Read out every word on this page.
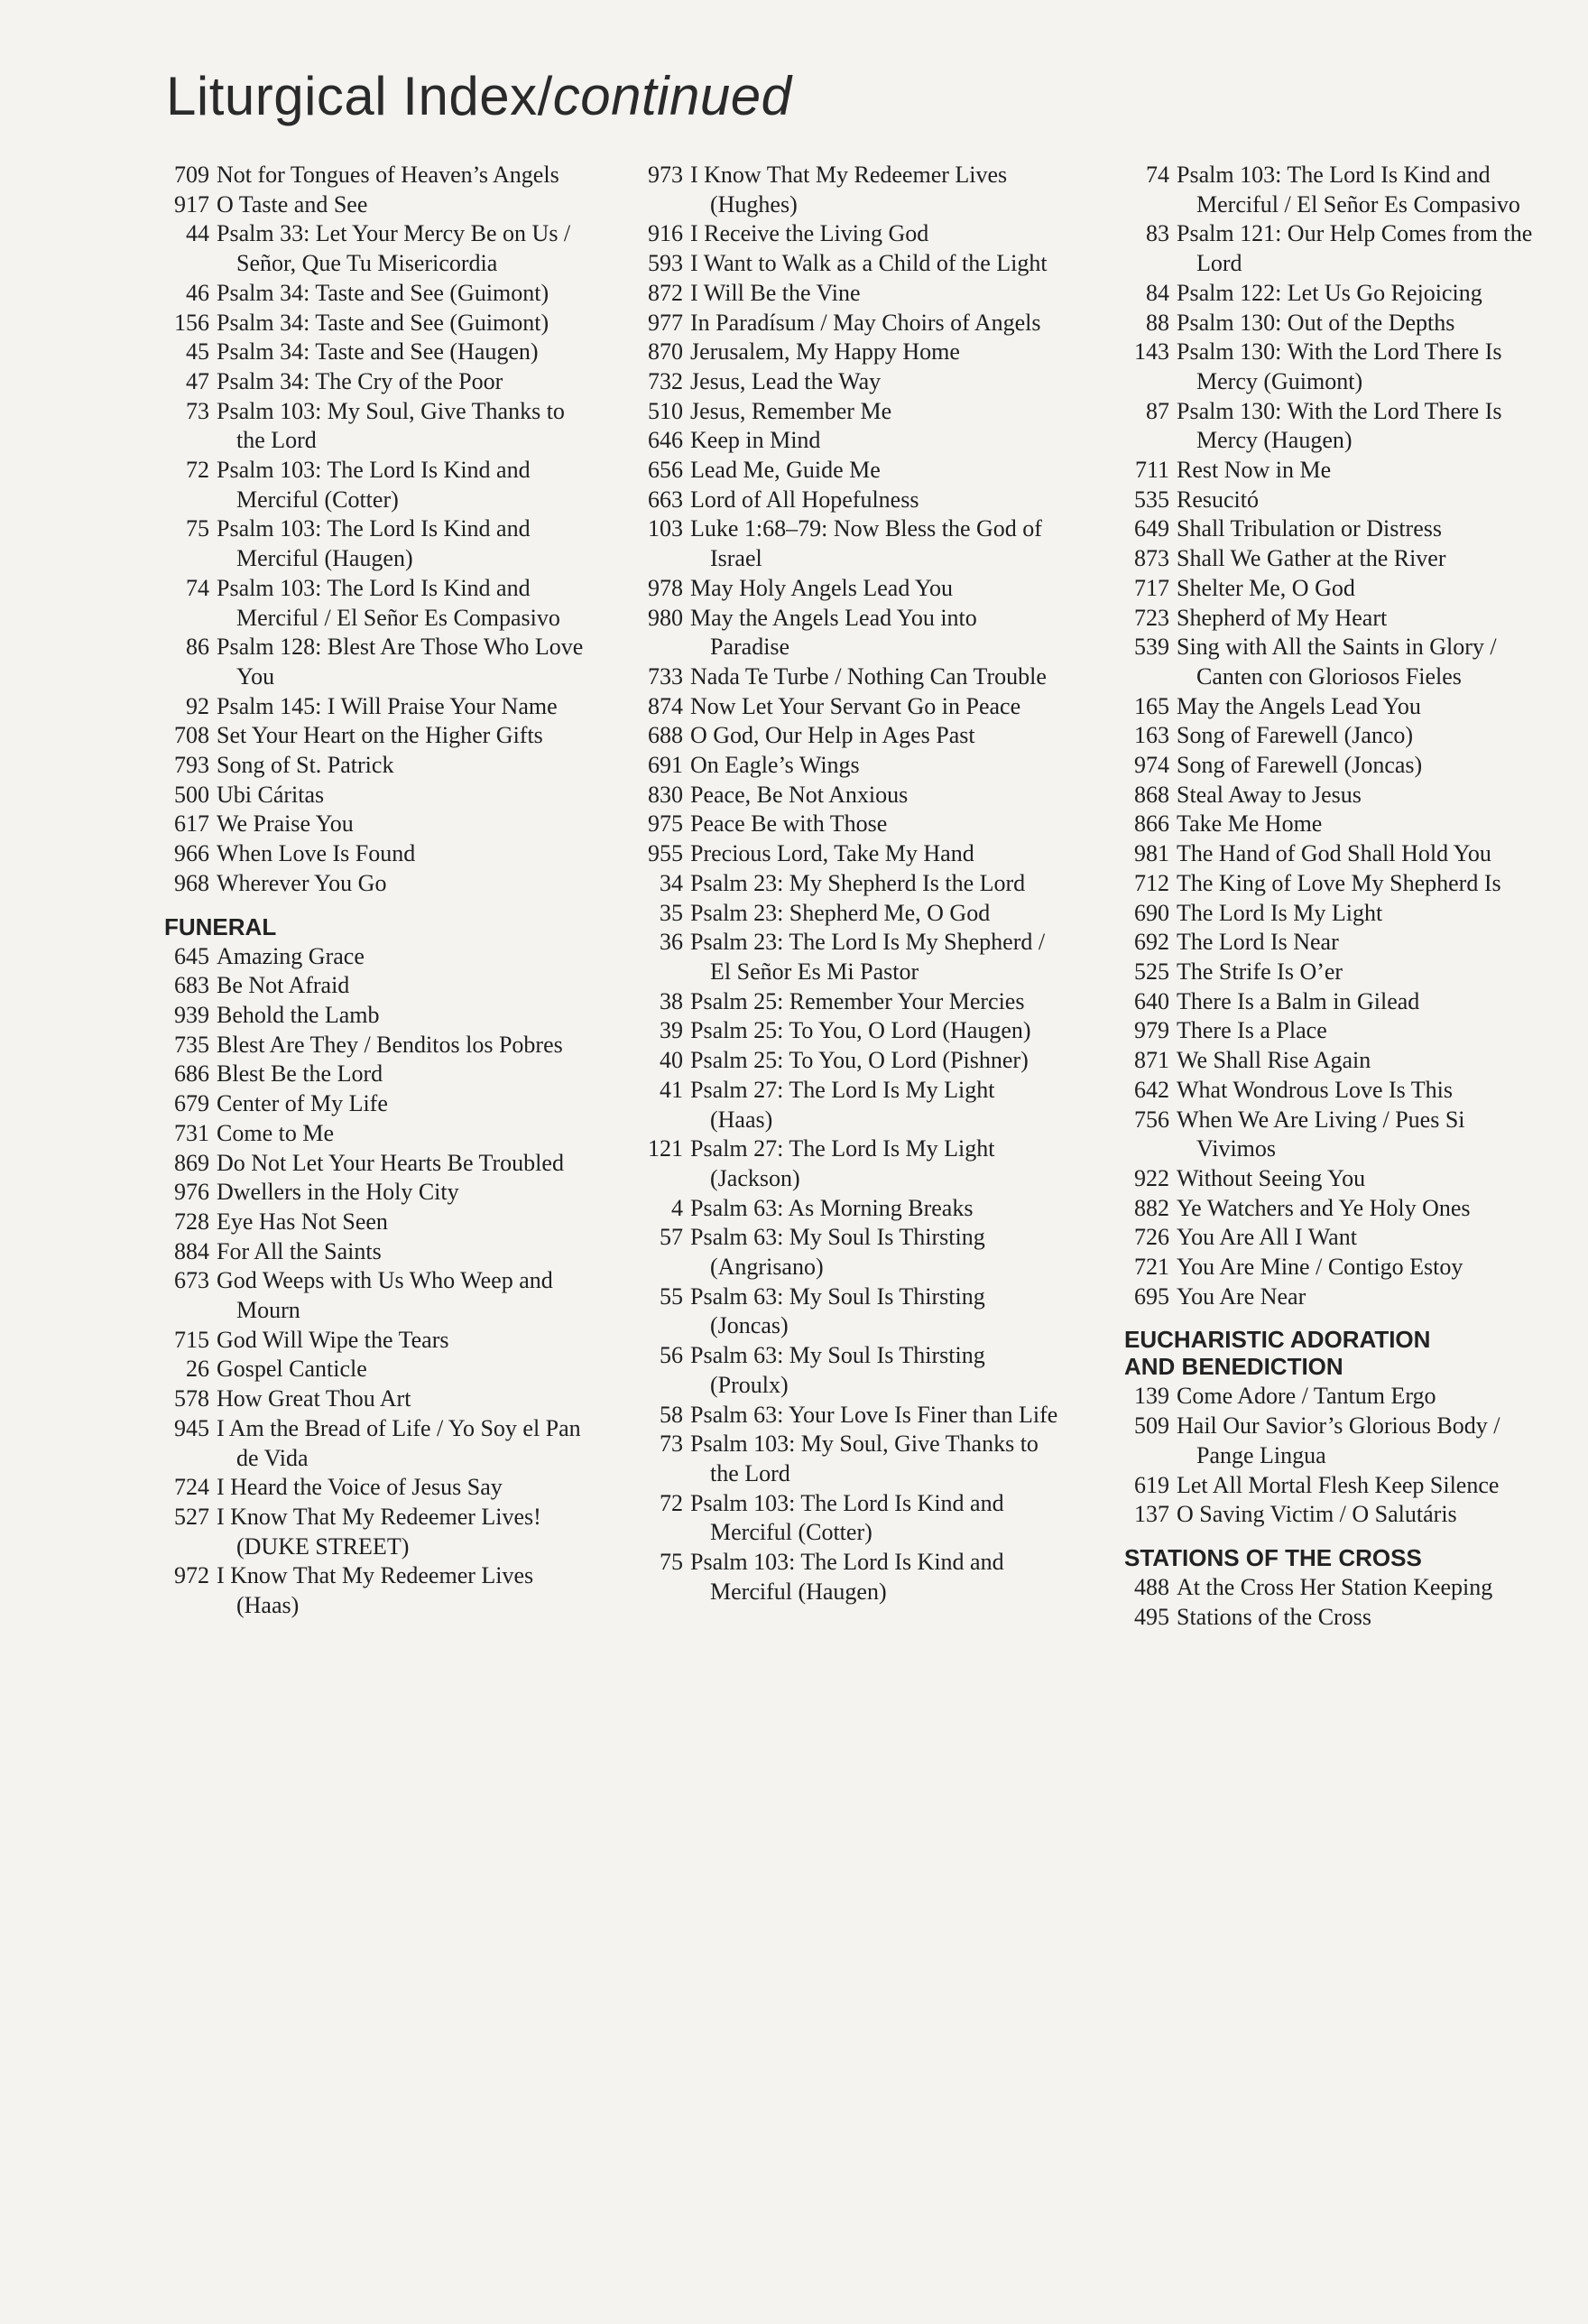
Liturgical Index/continued
709 Not for Tongues of Heaven’s Angels
917 O Taste and See
44 Psalm 33: Let Your Mercy Be on Us / Señor, Que Tu Misericordia
46 Psalm 34: Taste and See (Guimont)
156 Psalm 34: Taste and See (Guimont)
45 Psalm 34: Taste and See (Haugen)
47 Psalm 34: The Cry of the Poor
73 Psalm 103: My Soul, Give Thanks to the Lord
72 Psalm 103: The Lord Is Kind and Merciful (Cotter)
75 Psalm 103: The Lord Is Kind and Merciful (Haugen)
74 Psalm 103: The Lord Is Kind and Merciful / El Señor Es Compasivo
86 Psalm 128: Blest Are Those Who Love You
92 Psalm 145: I Will Praise Your Name
708 Set Your Heart on the Higher Gifts
793 Song of St. Patrick
500 Ubi Cáritas
617 We Praise You
966 When Love Is Found
968 Wherever You Go
FUNERAL
645 Amazing Grace
683 Be Not Afraid
939 Behold the Lamb
735 Blest Are They / Benditos los Pobres
686 Blest Be the Lord
679 Center of My Life
731 Come to Me
869 Do Not Let Your Hearts Be Troubled
976 Dwellers in the Holy City
728 Eye Has Not Seen
884 For All the Saints
673 God Weeps with Us Who Weep and Mourn
715 God Will Wipe the Tears
26 Gospel Canticle
578 How Great Thou Art
945 I Am the Bread of Life / Yo Soy el Pan de Vida
724 I Heard the Voice of Jesus Say
527 I Know That My Redeemer Lives! (DUKE STREET)
972 I Know That My Redeemer Lives (Haas)
973 I Know That My Redeemer Lives (Hughes)
916 I Receive the Living God
593 I Want to Walk as a Child of the Light
872 I Will Be the Vine
977 In Paradísum / May Choirs of Angels
870 Jerusalem, My Happy Home
732 Jesus, Lead the Way
510 Jesus, Remember Me
646 Keep in Mind
656 Lead Me, Guide Me
663 Lord of All Hopefulness
103 Luke 1:68–79: Now Bless the God of Israel
978 May Holy Angels Lead You
980 May the Angels Lead You into Paradise
733 Nada Te Turbe / Nothing Can Trouble
874 Now Let Your Servant Go in Peace
688 O God, Our Help in Ages Past
691 On Eagle’s Wings
830 Peace, Be Not Anxious
975 Peace Be with Those
955 Precious Lord, Take My Hand
34 Psalm 23: My Shepherd Is the Lord
35 Psalm 23: Shepherd Me, O God
36 Psalm 23: The Lord Is My Shepherd / El Señor Es Mi Pastor
38 Psalm 25: Remember Your Mercies
39 Psalm 25: To You, O Lord (Haugen)
40 Psalm 25: To You, O Lord (Pishner)
41 Psalm 27: The Lord Is My Light (Haas)
121 Psalm 27: The Lord Is My Light (Jackson)
4 Psalm 63: As Morning Breaks
57 Psalm 63: My Soul Is Thirsting (Angrisano)
55 Psalm 63: My Soul Is Thirsting (Joncas)
56 Psalm 63: My Soul Is Thirsting (Proulx)
58 Psalm 63: Your Love Is Finer than Life
73 Psalm 103: My Soul, Give Thanks to the Lord
72 Psalm 103: The Lord Is Kind and Merciful (Cotter)
75 Psalm 103: The Lord Is Kind and Merciful (Haugen)
74 Psalm 103: The Lord Is Kind and Merciful / El Señor Es Compasivo
83 Psalm 121: Our Help Comes from the Lord
84 Psalm 122: Let Us Go Rejoicing
88 Psalm 130: Out of the Depths
143 Psalm 130: With the Lord There Is Mercy (Guimont)
87 Psalm 130: With the Lord There Is Mercy (Haugen)
711 Rest Now in Me
535 Resucitó
649 Shall Tribulation or Distress
873 Shall We Gather at the River
717 Shelter Me, O God
723 Shepherd of My Heart
539 Sing with All the Saints in Glory / Canten con Gloriosos Fieles
165 May the Angels Lead You
163 Song of Farewell (Janco)
974 Song of Farewell (Joncas)
868 Steal Away to Jesus
866 Take Me Home
981 The Hand of God Shall Hold You
712 The King of Love My Shepherd Is
690 The Lord Is My Light
692 The Lord Is Near
525 The Strife Is O’er
640 There Is a Balm in Gilead
979 There Is a Place
871 We Shall Rise Again
642 What Wondrous Love Is This
756 When We Are Living / Pues Si Vivimos
922 Without Seeing You
882 Ye Watchers and Ye Holy Ones
726 You Are All I Want
721 You Are Mine / Contigo Estoy
695 You Are Near
EUCHARISTIC ADORATION
AND BENEDICTION
139 Come Adore / Tantum Ergo
509 Hail Our Savior’s Glorious Body / Pange Lingua
619 Let All Mortal Flesh Keep Silence
137 O Saving Victim / O Salutáris
STATIONS OF THE CROSS
488 At the Cross Her Station Keeping
495 Stations of the Cross
